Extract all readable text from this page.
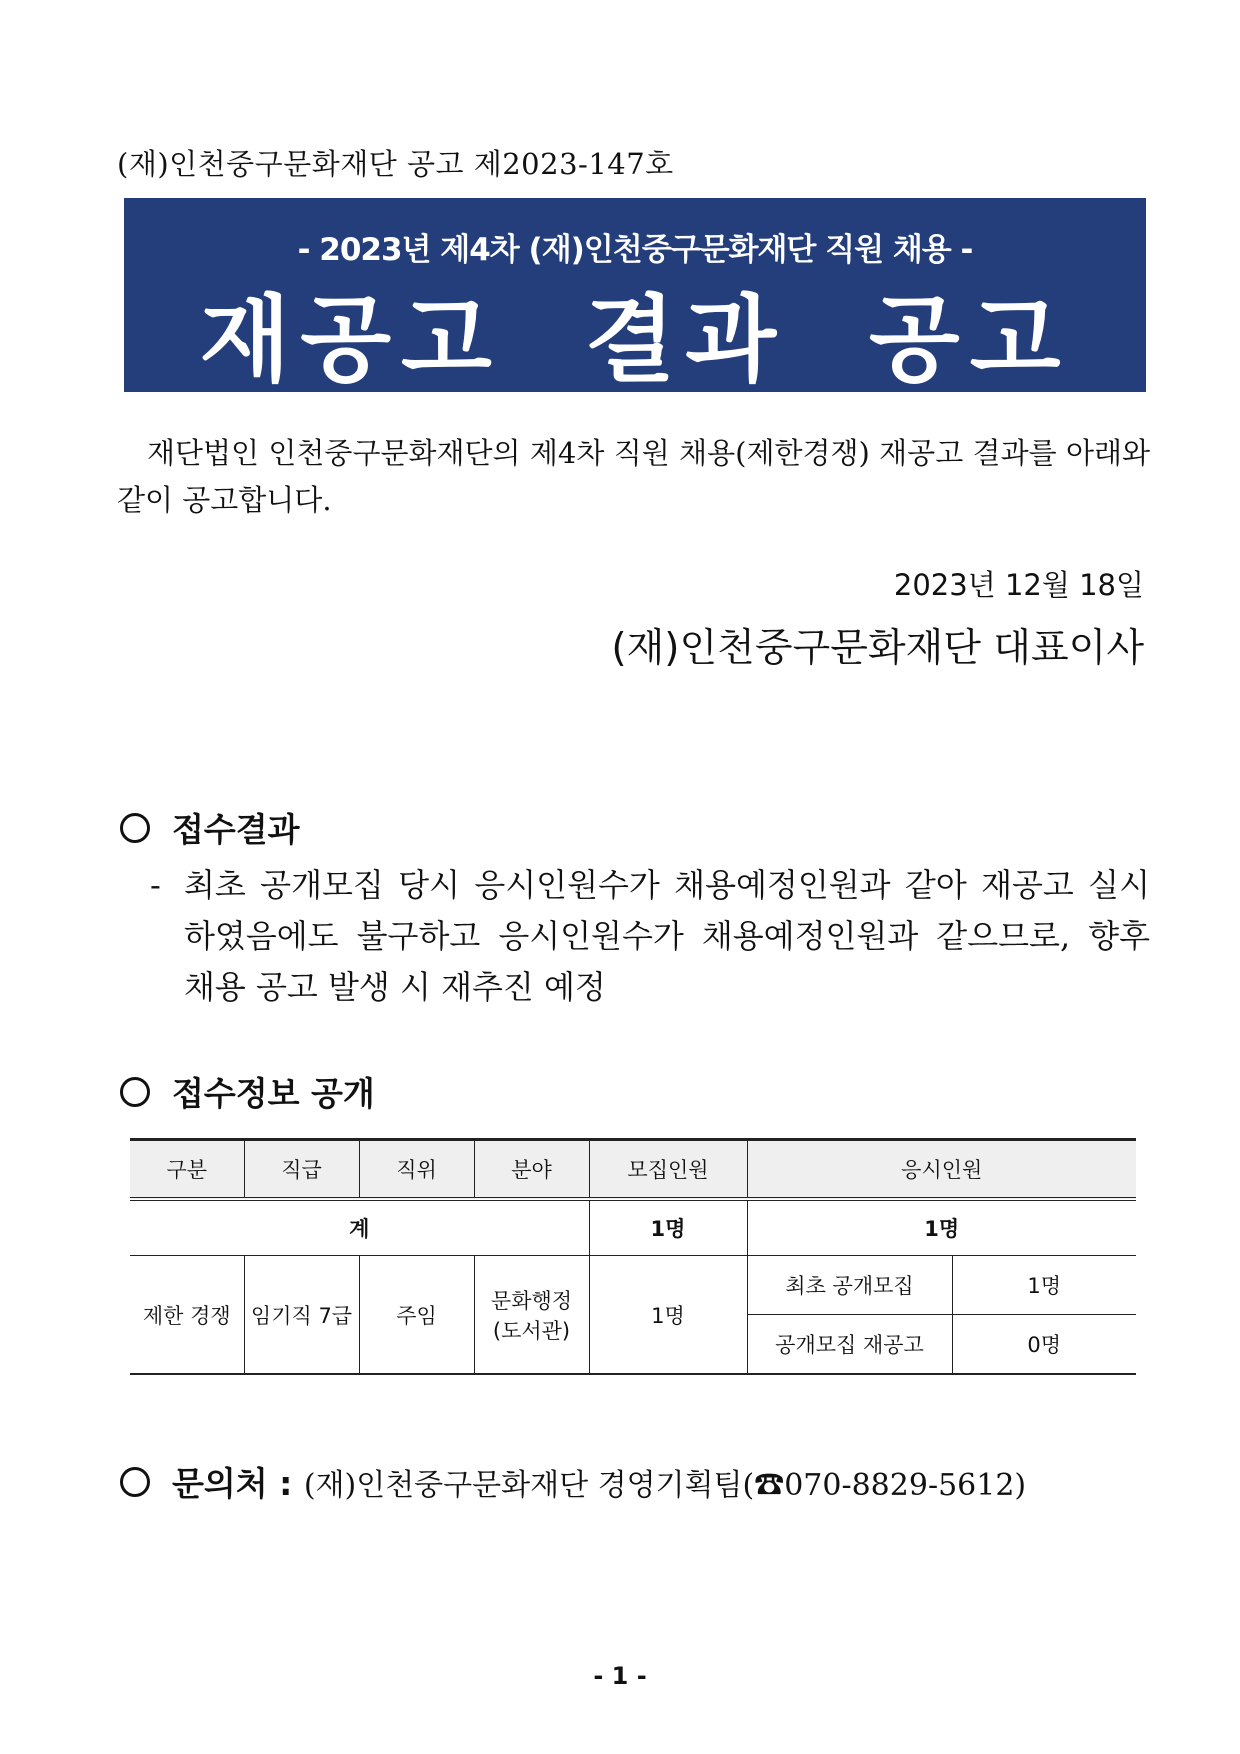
(재)인천중구문화재단 공고 제2023-147호
- 2023년 제4차 (재)인천중구문화재단 직원 채용 -
재공고 결과 공고
재단법인 인천중구문화재단의 제4차 직원 채용(제한경쟁) 재공고 결과를 아래와 같이 공고합니다.
2023년 12월 18일
(재)인천중구문화재단 대표이사
접수결과
- 최초 공개모집 당시 응시인원수가 채용예정인원과 같아 재공고 실시
하였음에도 불구하고 응시인원수가 채용예정인원과 같으므로, 향후
채용 공고 발생 시 재추진 예정
접수정보 공개
구분	직급	직위	분야	모집인원	응시인원	
계				1명	1명	
제한 경쟁	임기직 7급	주임	문화행정 (도서관)	1명	최초 공개모집	1명
					공개모집 재공고	0명
문의처 : (재)인천중구문화재단 경영기획팀(☎070-8829-5612)
- 1 -
